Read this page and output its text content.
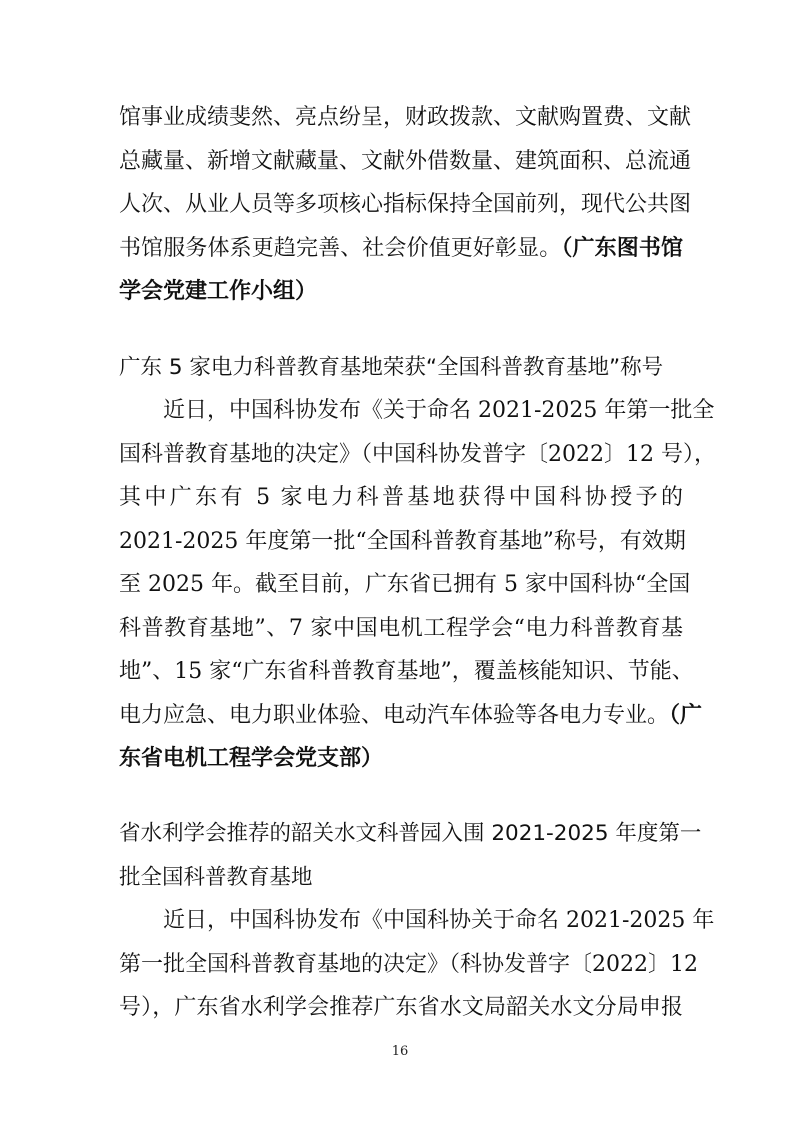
馆事业成绩斐然、亮点纷呈，财政拨款、文献购置费、文献
总藏量、新增文献藏量、文献外借数量、建筑面积、总流通
人次、从业人员等多项核心指标保持全国前列，现代公共图
书馆服务体系更趋完善、社会价值更好彰显。（广东图书馆
学会党建工作小组）
广东 5 家电力科普教育基地荣获“全国科普教育基地”称号
近日，中国科协发布《关于命名 2021-2025 年第一批全
国科普教育基地的决定》（中国科协发普字〔2022〕12 号），
其中广东有 5 家电力科普基地获得中国科协授予的
2021-2025 年度第一批“全国科普教育基地”称号，有效期
至 2025 年。截至目前，广东省已拥有 5 家中国科协“全国
科普教育基地”、7 家中国电机工程学会“电力科普教育基
地”、15 家“广东省科普教育基地”，覆盖核能知识、节能、
电力应急、电力职业体验、电动汽车体验等各电力专业。（广
东省电机工程学会党支部）
省水利学会推荐的韶关水文科普园入围 2021-2025 年度第一
批全国科普教育基地
近日，中国科协发布《中国科协关于命名 2021-2025 年
第一批全国科普教育基地的决定》（科协发普字〔2022〕12
号），广东省水利学会推荐广东省水文局韶关水文分局申报
16
